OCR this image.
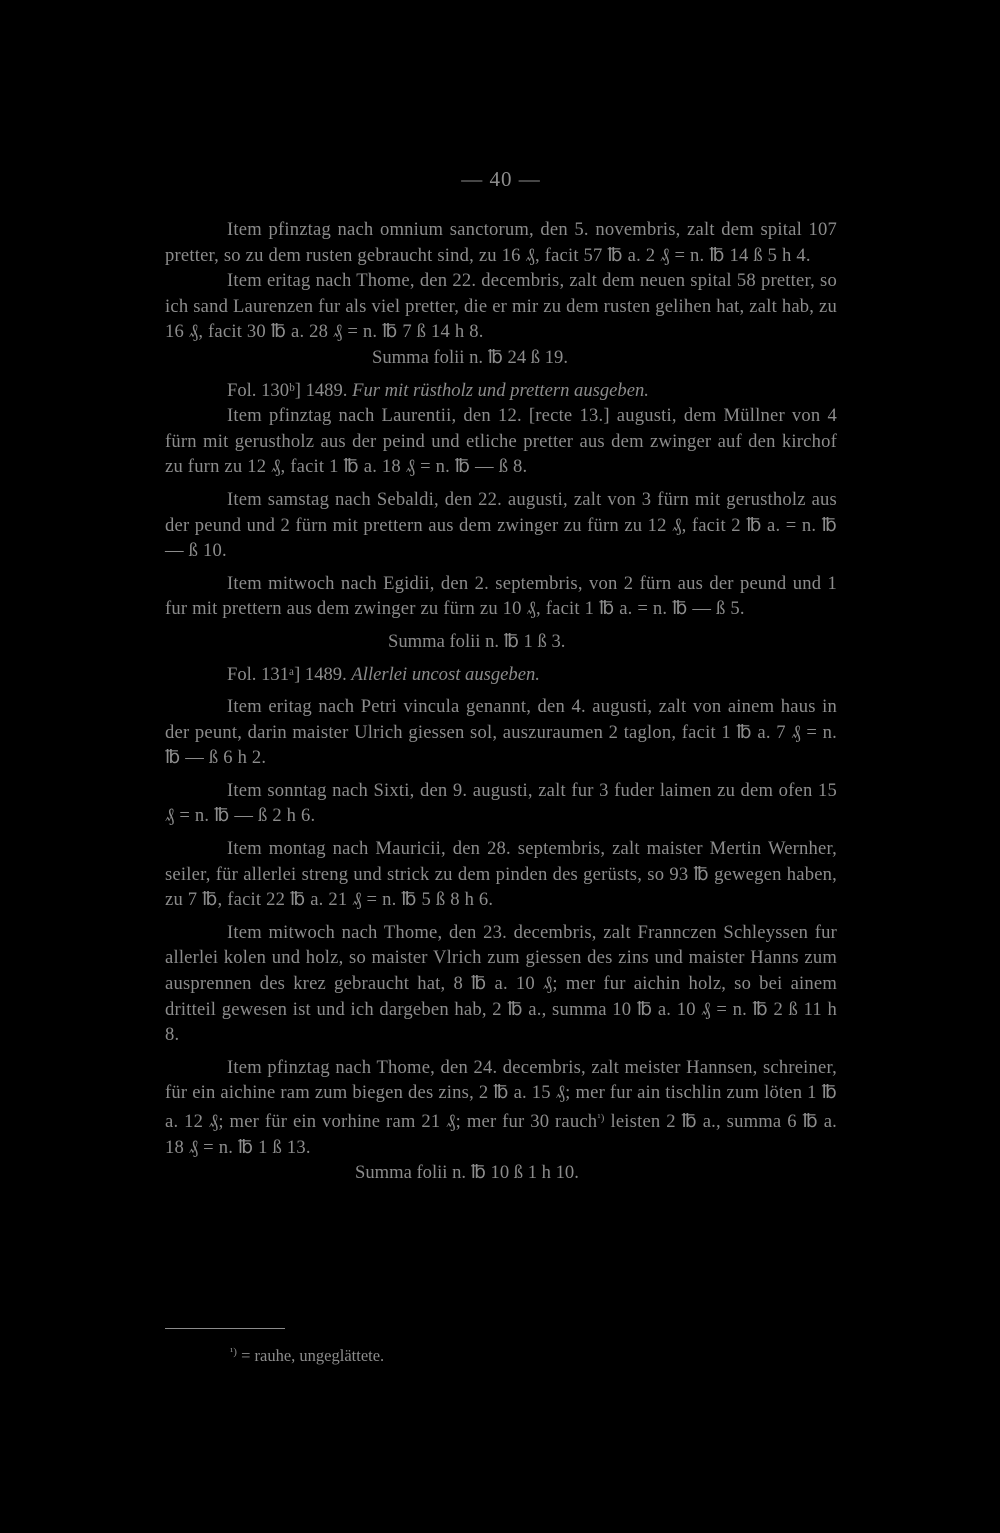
— 40 —

Item pfinztag nach omnium sanctorum, den 5. novembris, zalt dem spital 107 pretter, so zu dem rusten gebraucht sind, zu 16 ₰, facit 57 ℔ a. 2 ₰ = n. ℔ 14 ß 5 h 4.

Item eritag nach Thome, den 22. decembris, zalt dem neuen spital 58 pretter, so ich sand Laurenzen fur als viel pretter, die er mir zu dem rusten gelihen hat, zalt hab, zu 16 ₰, facit 30 ℔ a. 28 ₰ = n. ℔ 7 ß 14 h 8.

Summa folii n. ℔ 24 ß 19.

Fol. 130ᵇ] 1489. Fur mit rüstholz und prettern ausgeben.

Item pfinztag nach Laurentii, den 12. [recte 13.] augusti, dem Müllner von 4 fürn mit gerustholz aus der peind und etliche pretter aus dem zwinger auf den kirchof zu furn zu 12 ₰, facit 1 ℔ a. 18 ₰ = n. ℔ — ß 8.

Item samstag nach Sebaldi, den 22. augusti, zalt von 3 fürn mit gerustholz aus der peund und 2 fürn mit prettern aus dem zwinger zu fürn zu 12 ₰, facit 2 ℔ a. = n. ℔ — ß 10.

Item mitwoch nach Egidii, den 2. septembris, von 2 fürn aus der peund und 1 fur mit prettern aus dem zwinger zu fürn zu 10 ₰, facit 1 ℔ a. = n. ℔ — ß 5.

Summa folii n. ℔ 1 ß 3.

Fol. 131ᵃ] 1489. Allerlei uncost ausgeben.

Item eritag nach Petri vincula genannt, den 4. augusti, zalt von ainem haus in der peunt, darin maister Ulrich giessen sol, auszuraumen 2 taglon, facit 1 ℔ a. 7 ₰ = n. ℔ — ß 6 h 2.

Item sonntag nach Sixti, den 9. augusti, zalt fur 3 fuder laimen zu dem ofen 15 ₰ = n. ℔ — ß 2 h 6.

Item montag nach Mauricii, den 28. septembris, zalt maister Mertin Wernher, seiler, für allerlei streng und strick zu dem pinden des gerüsts, so 93 ℔ gewegen haben, zu 7 ℔, facit 22 ℔ a. 21 ₰ = n. ℔ 5 ß 8 h 6.

Item mitwoch nach Thome, den 23. decembris, zalt Frannczen Schleyssen fur allerlei kolen und holz, so maister Vlrich zum giessen des zins und maister Hanns zum ausprennen des krez gebraucht hat, 8 ℔ a. 10 ₰; mer fur aichin holz, so bei ainem dritteil gewesen ist und ich dargeben hab, 2 ℔ a., summa 10 ℔ a. 10 ₰ = n. ℔ 2 ß 11 h 8.

Item pfinztag nach Thome, den 24. decembris, zalt meister Hannsen, schreiner, für ein aichine ram zum biegen des zins, 2 ℔ a. 15 ₰; mer fur ain tischlin zum löten 1 ℔ a. 12 ₰; mer für ein vorhine ram 21 ₰; mer fur 30 rauch$^{^1)}$ leisten 2 ℔ a., summa 6 ℔ a. 18 ₰ = n. ℔ 1 ß 13.

Summa folii n. ℔ 10 ß 1 h 10.

$^{^1)}$ = rauhe, ungeglättete.
